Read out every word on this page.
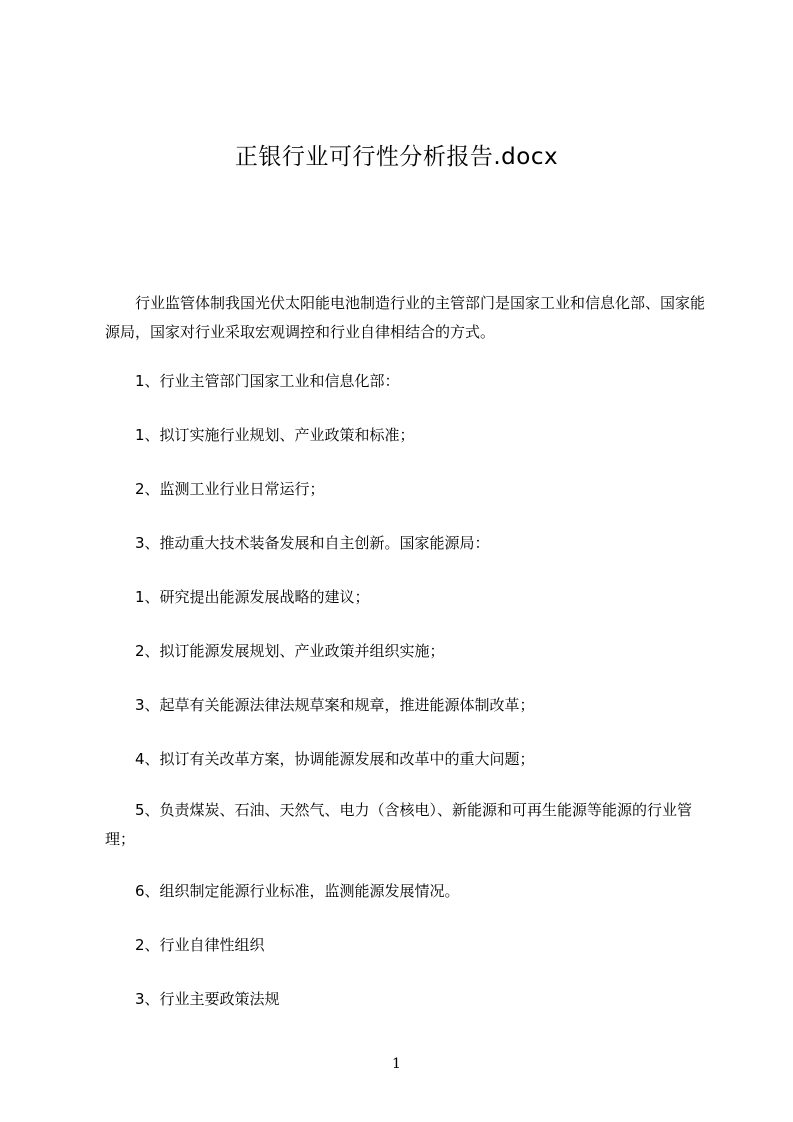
正银行业可行性分析报告.docx

行业监管体制我国光伏太阳能电池制造行业的主管部门是国家工业和信息化部、国家能源局，国家对行业采取宏观调控和行业自律相结合的方式。

1、行业主管部门国家工业和信息化部：

1、拟订实施行业规划、产业政策和标准；

2、监测工业行业日常运行；

3、推动重大技术装备发展和自主创新。国家能源局：

1、研究提出能源发展战略的建议；

2、拟订能源发展规划、产业政策并组织实施；

3、起草有关能源法律法规草案和规章，推进能源体制改革；

4、拟订有关改革方案，协调能源发展和改革中的重大问题；

5、负责煤炭、石油、天然气、电力（含核电）、新能源和可再生能源等能源的行业管理；

6、组织制定能源行业标准，监测能源发展情况。

2、行业自律性组织

3、行业主要政策法规

1
